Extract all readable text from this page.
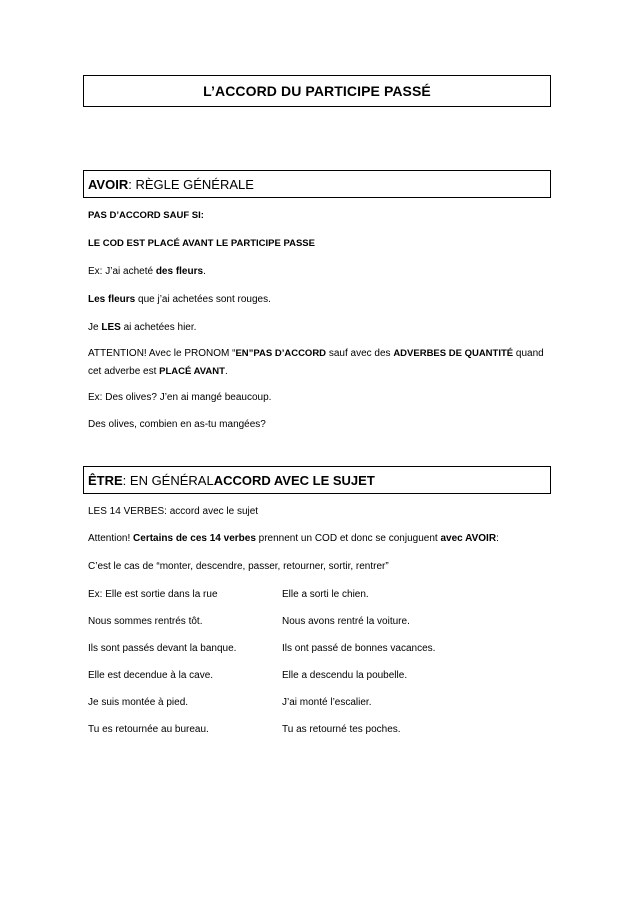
L’ACCORD DU PARTICIPE PASSÉ
AVOIR : RÈGLE GÉNÉRALE
PAS D’ACCORD SAUF SI:
LE COD EST PLACÉ AVANT LE PARTICIPE PASSE
Ex: J’ai acheté des fleurs.
Les fleurs que j’ai achetées sont rouges.
Je LES ai achetées hier.
ATTENTION! Avec le PRONOM “EN”PAS D’ACCORD sauf avec des ADVERBES DE QUANTITÉ quand cet adverbe est PLACÉ AVANT.
Ex: Des olives? J’en ai mangé beaucoup.
Des olives, combien en as-tu mangées?
ÊTRE : EN GÉNÉRAL ACCORD AVEC LE SUJET
LES 14 VERBES: accord avec le sujet
Attention! Certains de ces 14 verbes prennent un COD et donc se conjuguent avec AVOIR:
C’est le cas de “monter, descendre, passer, retourner, sortir, rentrer”
Ex: Elle est sortie dans la rue	Elle a sorti le chien.
Nous sommes rentrés tôt.	Nous avons rentré la voiture.
Ils sont passés devant la banque.	Ils ont passé de bonnes vacances.
Elle est decendue à la cave.	Elle a descendu la poubelle.
Je suis montée à pied.	J’ai monté l’escalier.
Tu es retournée au bureau.	Tu as retourné tes poches.
